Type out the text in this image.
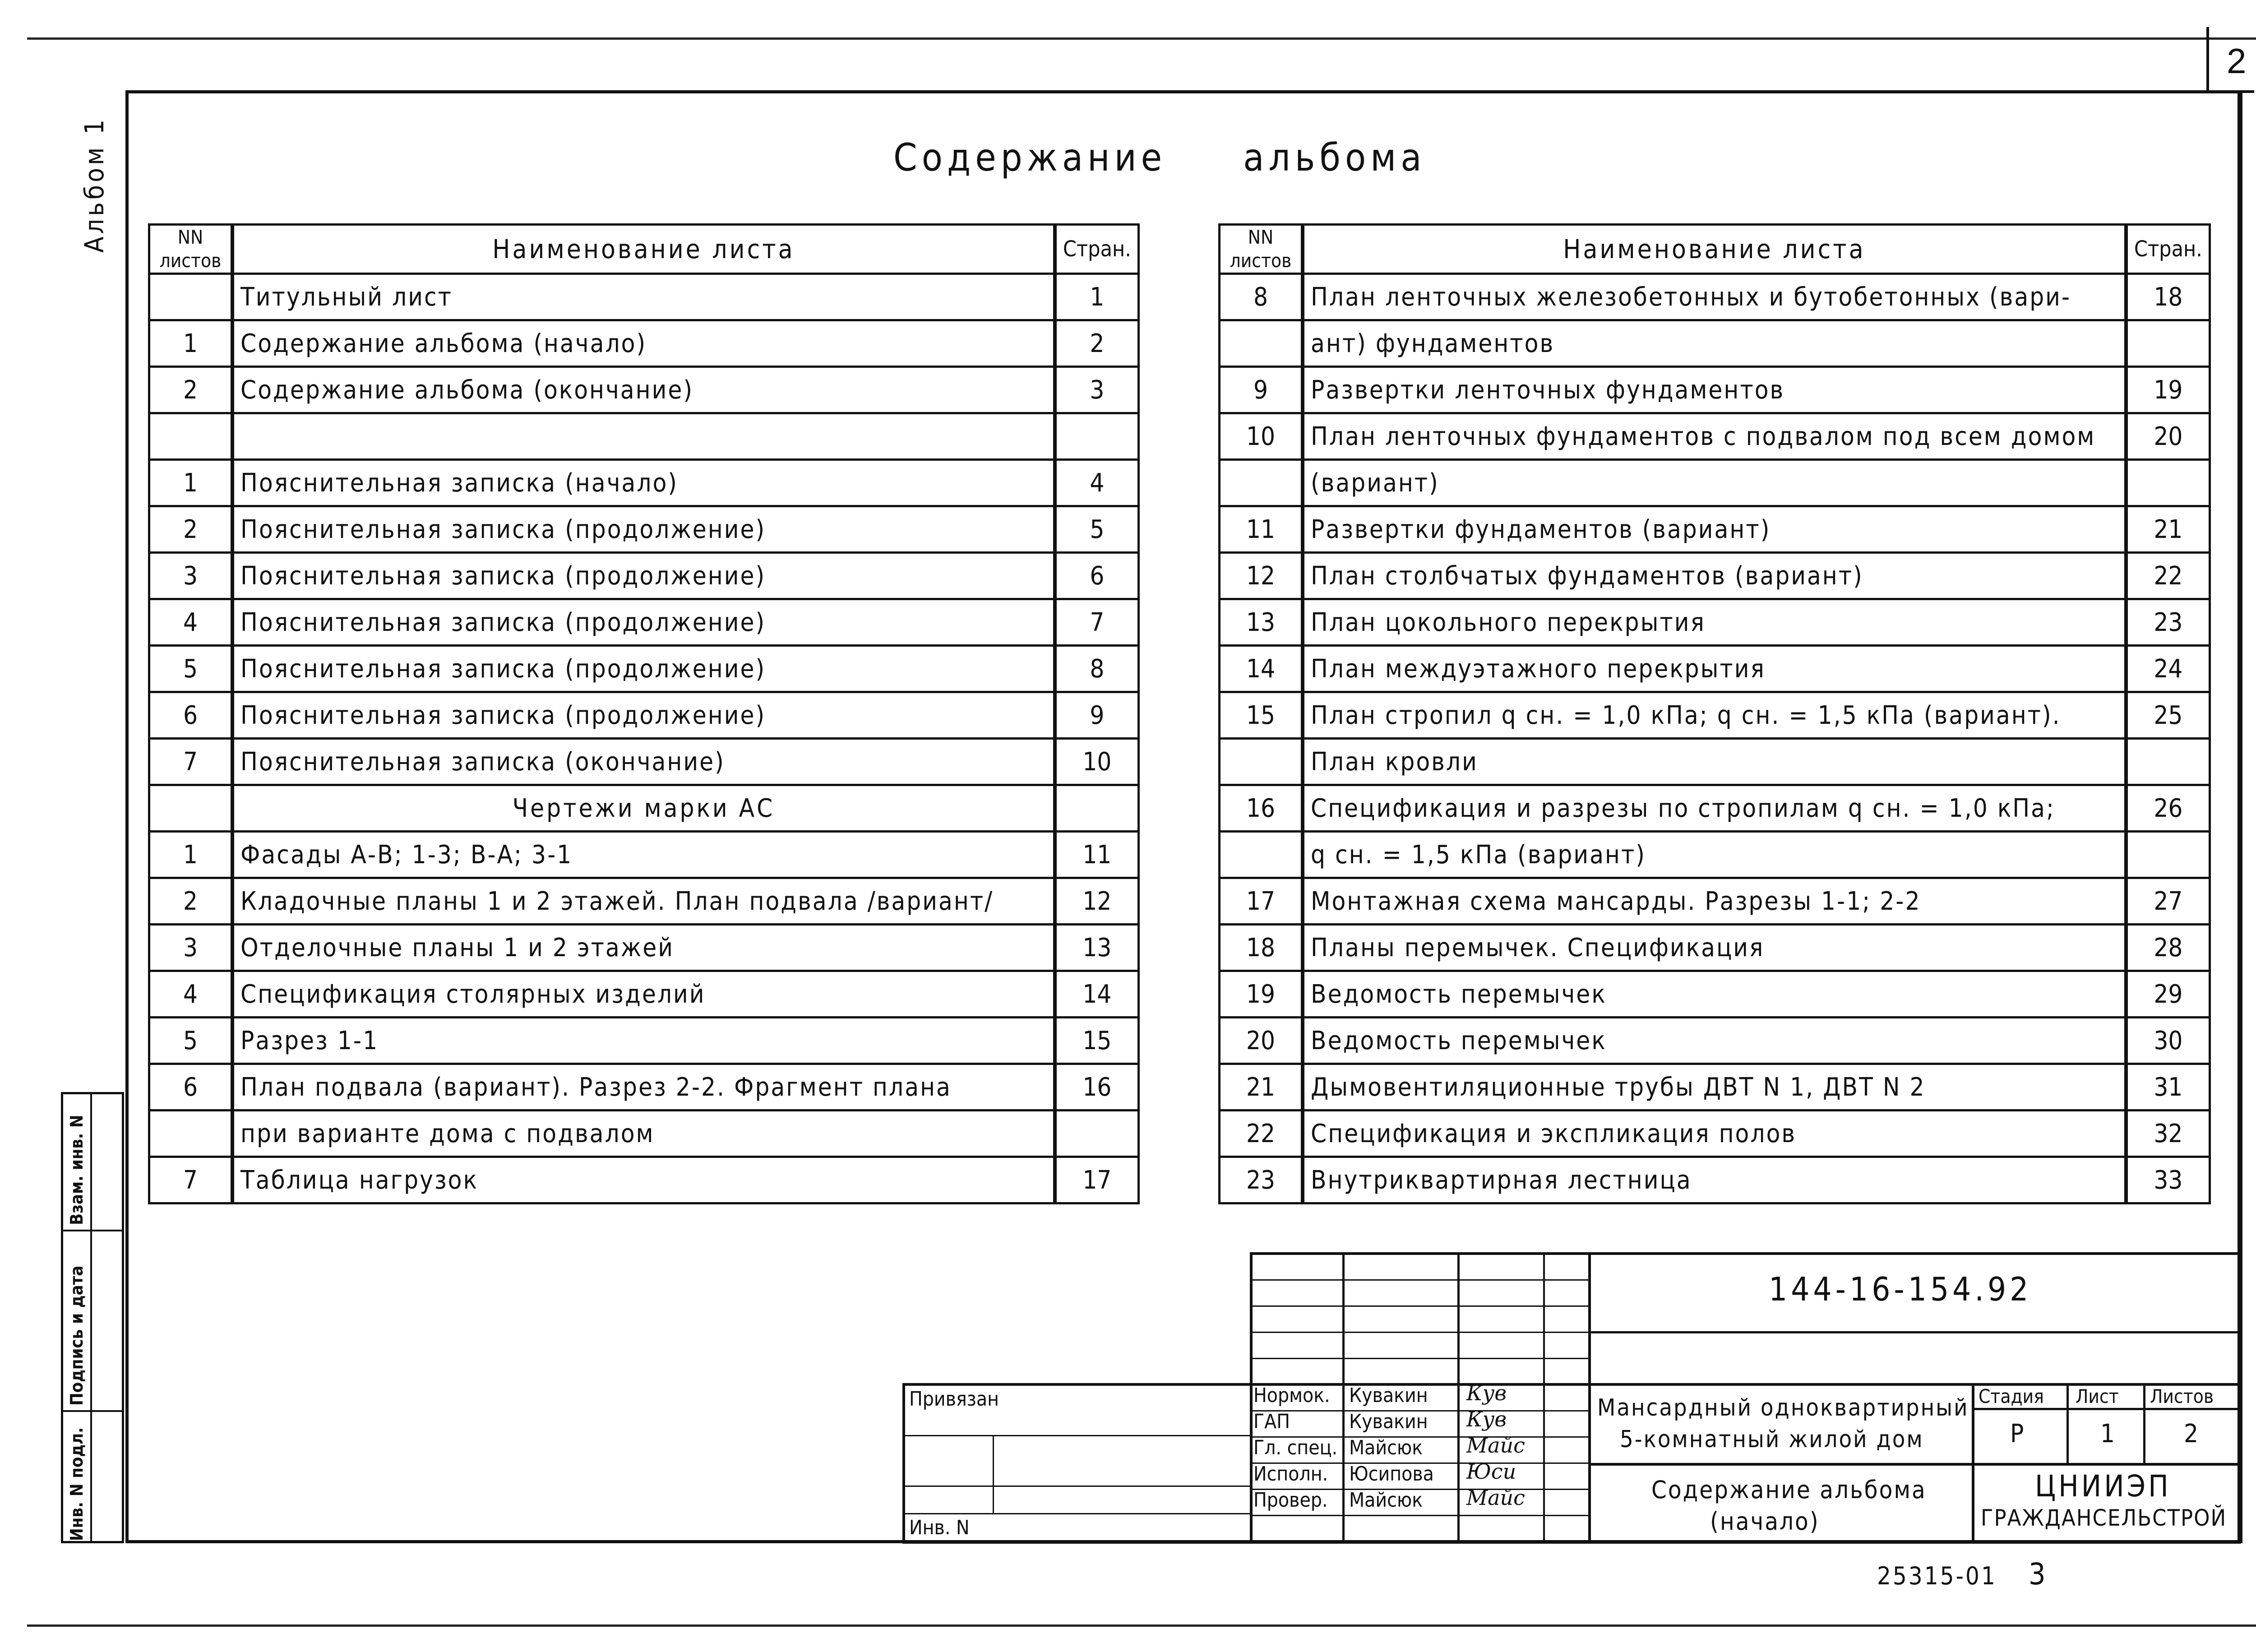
2
Альбом 1
Взам. инв. N
Подпись и дата
Инв. N подл.
Содержание альбома
NN листов	Наименование листа	Стран.
	Титульный лист	1
1	Содержание альбома (начало)	2
2	Содержание альбома (окончание)	3

1	Пояснительная записка (начало)	4
2	Пояснительная записка (продолжение)	5
3	Пояснительная записка (продолжение)	6
4	Пояснительная записка (продолжение)	7
5	Пояснительная записка (продолжение)	8
6	Пояснительная записка (продолжение)	9
7	Пояснительная записка (окончание)	10
	Чертежи марки АС	
1	Фасады А-В; 1-3; В-А; 3-1	11
2	Кладочные планы 1 и 2 этажей. План подвала /вариант/	12
3	Отделочные планы 1 и 2 этажей	13
4	Спецификация столярных изделий	14
5	Разрез 1-1	15
6	План подвала (вариант). Разрез 2-2. Фрагмент плана	16
	при варианте дома с подвалом	
7	Таблица нагрузок	17
NN листов	Наименование листа	Стран.
8	План ленточных железобетонных и бутобетонных (вари-	18
	ант) фундаментов	
9	Развертки ленточных фундаментов	19
10	План ленточных фундаментов с подвалом под всем домом	20
	(вариант)	
11	Развертки фундаментов (вариант)	21
12	План столбчатых фундаментов (вариант)	22
13	План цокольного перекрытия	23
14	План междуэтажного перекрытия	24
15	План стропил q сн. = 1,0 кПа; q сн. = 1,5 кПа (вариант).	25
	План кровли	
16	Спецификация и разрезы по стропилам q сн. = 1,0 кПа;	26
	q сн. = 1,5 кПа (вариант)	
17	Монтажная схема мансарды. Разрезы 1-1; 2-2	27
18	Планы перемычек. Спецификация	28
19	Ведомость перемычек	29
20	Ведомость перемычек	30
21	Дымовентиляционные трубы ДВТ N 1, ДВТ N 2	31
22	Спецификация и экспликация полов	32
23	Внутриквартирная лестница	33
Привязан
Инв. N
Нормок. Кувакин Кув
ГАП	Кувакин Кув
Гл. спец. Майсюк Майс
Исполн. Юсипова Юси
Провер. Майсюк Майс
144-16-154.92
Мансардный одноквартирный
5-комнатный жилой дом
Содержание альбома
(начало)
Стадия Лист Листов
Р	1	2
ЦНИИЭП
ГРАЖДАНСЕЛЬСТРОЙ
25315-01 3
